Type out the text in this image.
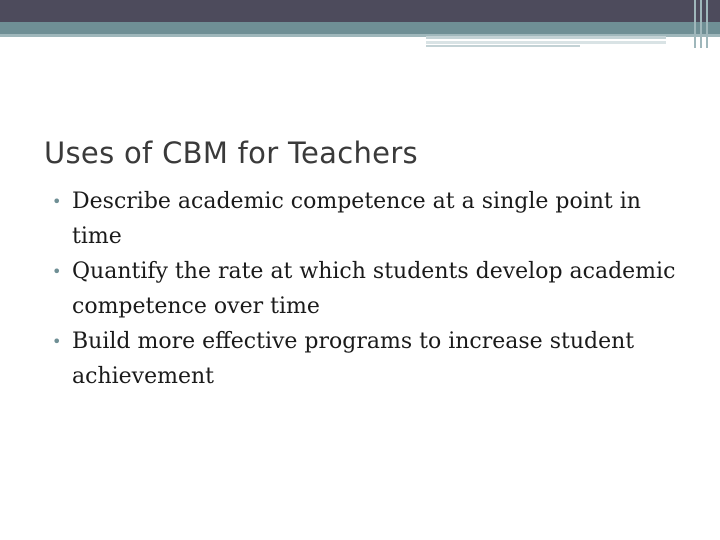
Uses of CBM for Teachers
• Describe academic competence at a single point in time
• Quantify the rate at which students develop academic competence over time
• Build more effective programs to increase student achievement
